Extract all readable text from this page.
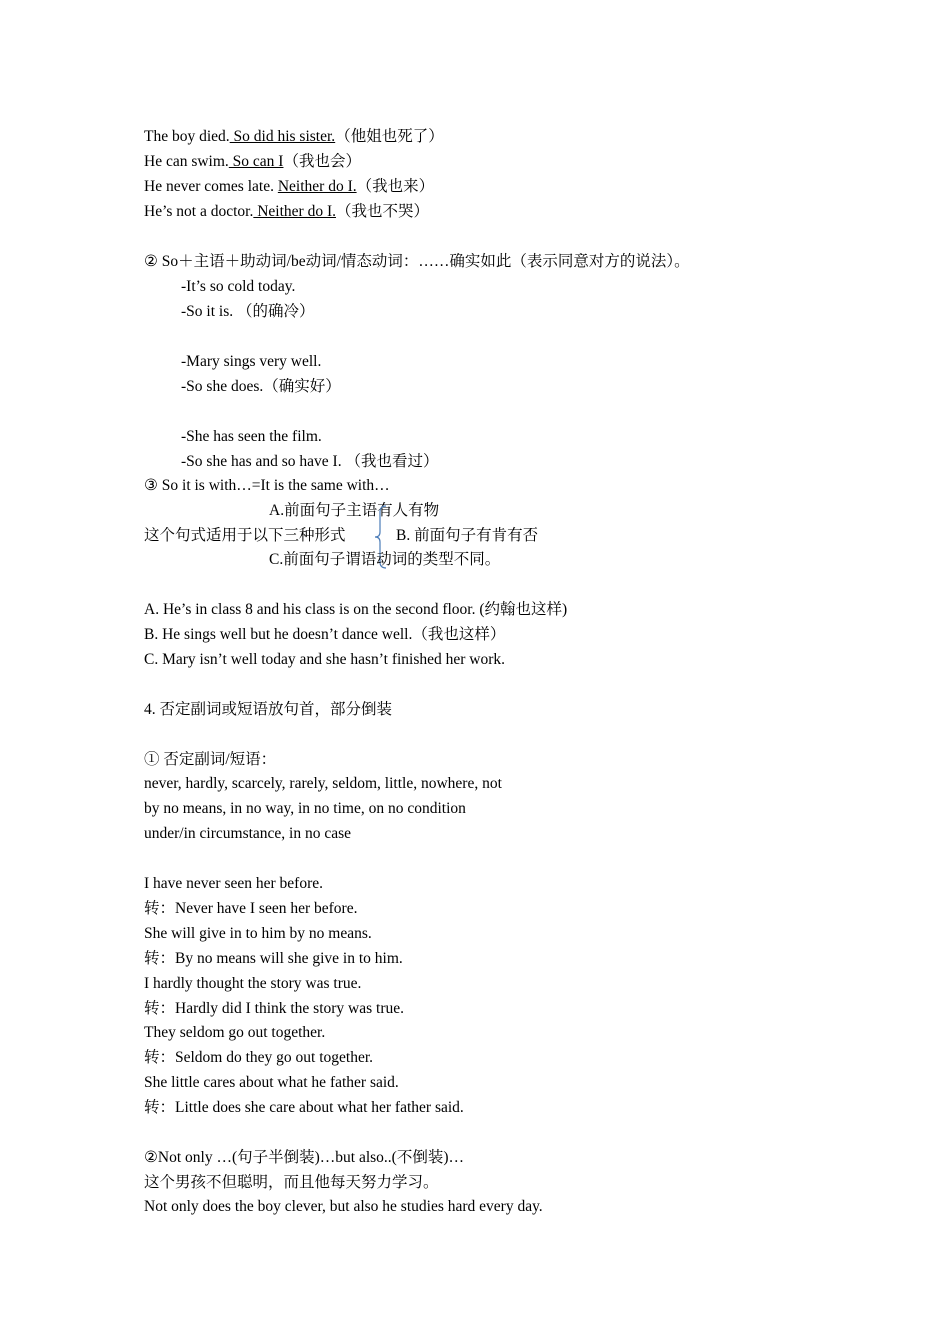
The boy died. So did his sister.（他姐也死了）
He can swim. So can I（我也会）
He never comes late. Neither do I.（我也来）
He’s not a doctor. Neither do I.（我也不哭）
② So＋主语＋助动词/be动词/情态动词：……确实如此（表示同意对方的说法）。
-It’s so cold today.
-So it is. （的确冷）
-Mary sings very well.
-So she does.（确实好）
-She has seen the film.
-So she has and so have I. （我也看过）
③ So it is with…=It is the same with…
A.前面句子主语有人有物
这个句式适用于以下三种形式	B. 前面句子有肯有否
C.前面句子谓语动词的类型不同。
A. He’s in class 8 and his class is on the second floor. (约翰也这样)
B. He sings well but he doesn’t dance well.（我也这样）
C. Mary isn’t well today and she hasn’t finished her work.
4. 否定副词或短语放句首，部分倒装
① 否定副词/短语：
never, hardly, scarcely, rarely, seldom, little, nowhere, not
by no means, in no way, in no time, on no condition
under/in circumstance, in no case
I have never seen her before.
转：Never have I seen her before.
She will give in to him by no means.
转：By no means will she give in to him.
I hardly thought the story was true.
转：Hardly did I think the story was true.
They seldom go out together.
转：Seldom do they go out together.
She little cares about what he father said.
转：Little does she care about what her father said.
②Not only …(句子半倒装)…but also..(不倒装)…
这个男孩不但聪明，而且他每天努力学习。
Not only does the boy clever, but also he studies hard every day.
